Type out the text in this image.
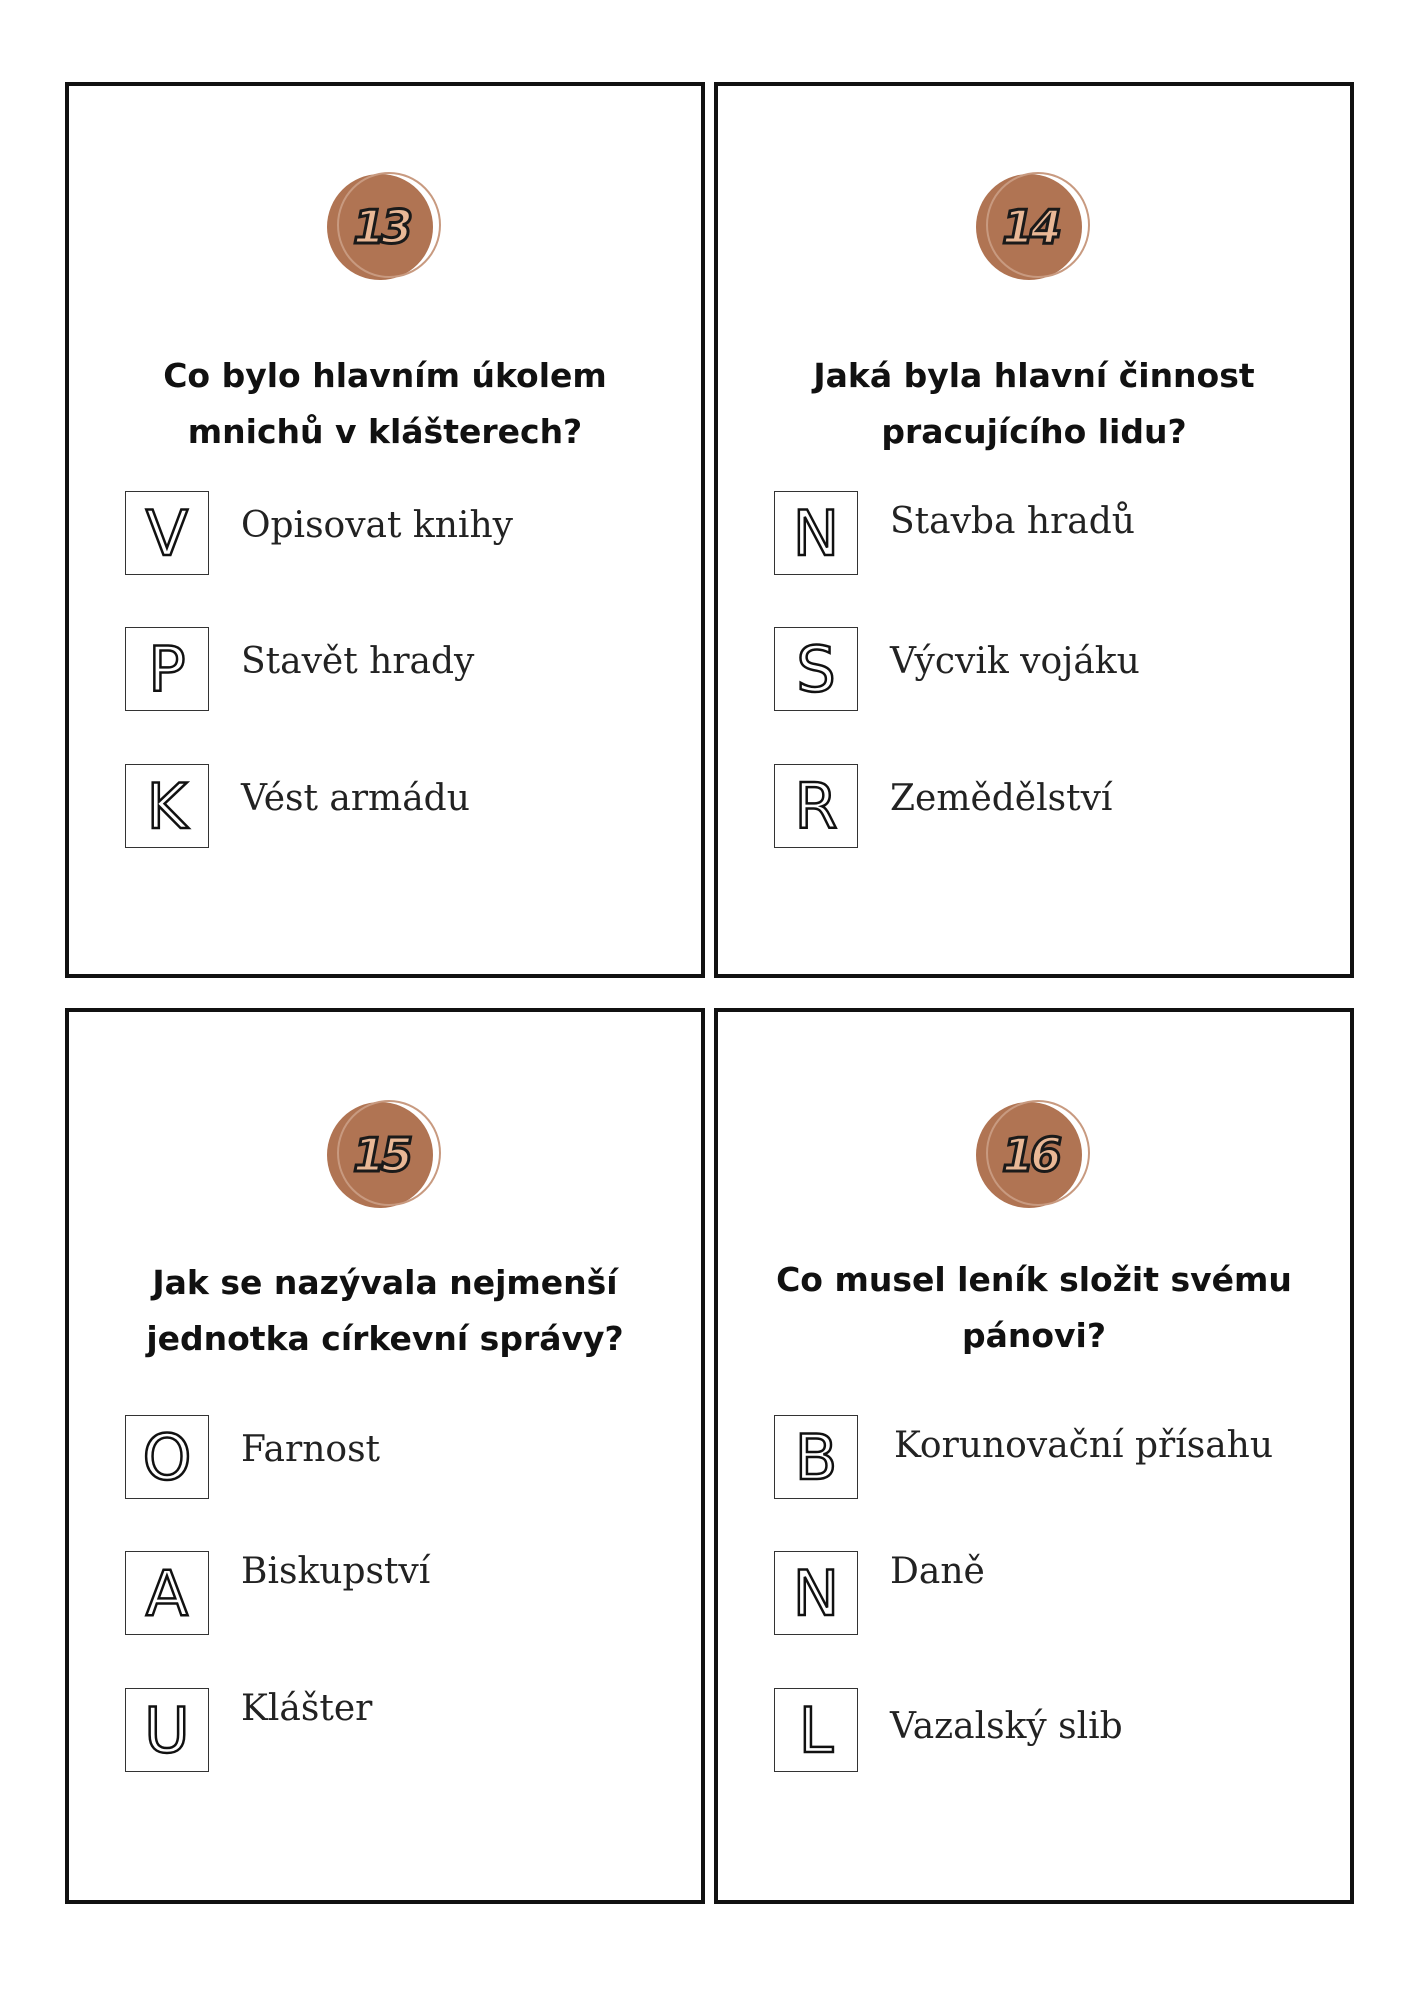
13
Co bylo hlavním úkolem
mnichů v klášterech?
V	Opisovat knihy
P	Stavět hrady
K	Vést armádu
14
Jaká byla hlavní činnost
pracujícího lidu?
N	Stavba hradů
S	Výcvik vojáku
R	Zemědělství
15
Jak se nazývala nejmenší
jednotka církevní správy?
O	Farnost
A	Biskupství
U	Klášter
16
Co musel leník složit svému
pánovi?
B	Korunovační přísahu
N	Daně
L	Vazalský slib
